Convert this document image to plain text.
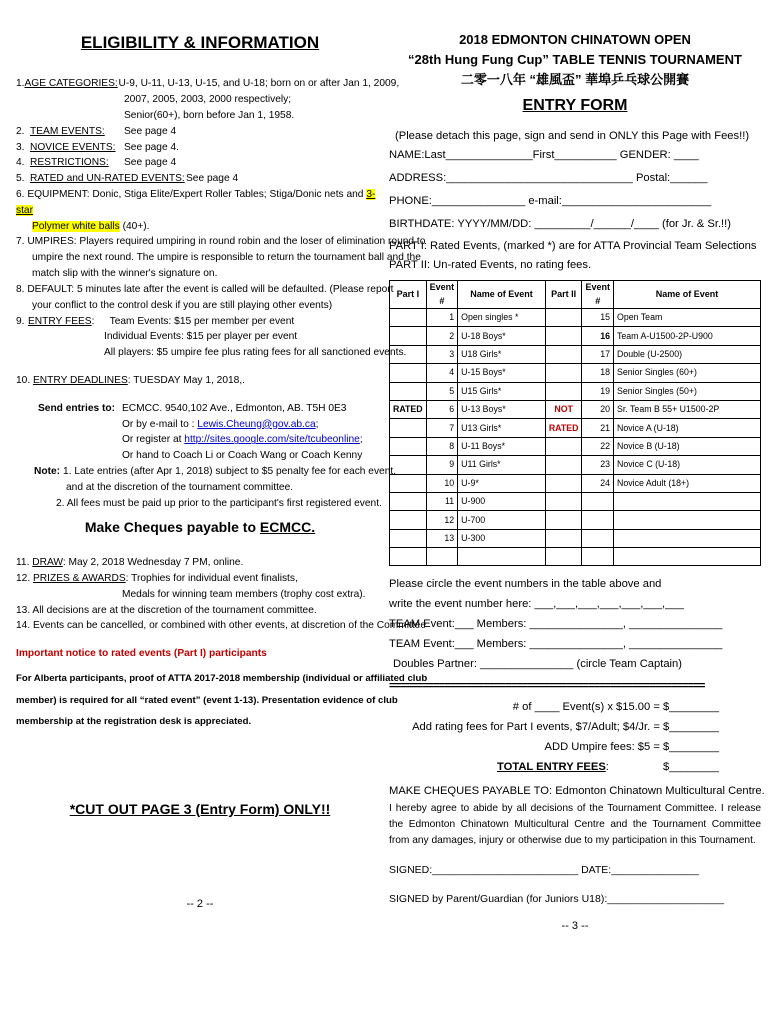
ELIGIBILITY & INFORMATION
1. AGE CATEGORIES: U-9, U-11, U-13, U-15, and U-18; born on or after Jan 1, 2009,
2007, 2005, 2003, 2000 respectively;
Senior(60+), born before Jan 1, 1958.
2. TEAM EVENTS:	See page 4
3. NOVICE EVENTS: See page 4.
4. RESTRICTIONS:	See page 4
5. RATED and UN-RATED EVENTS: See page 4
6. EQUIPMENT: Donic, Stiga Elite/Expert Roller Tables; Stiga/Donic nets and 3-star
Polymer white balls (40+).
7. UMPIRES: Players required umpiring in round robin and the loser of elimination round to
umpire the next round. The umpire is responsible to return the tournament ball and the
match slip with the winner's signature on.
8. DEFAULT: 5 minutes late after the event is called will be defaulted. (Please report
your conflict to the control desk if you are still playing other events)
9. ENTRY FEES :	Team Events: $15 per member per event
Individual Events: $15 per player per event
All players: $5 umpire fee plus rating fees for all sanctioned events.
10. ENTRY DEADLINES: TUESDAY May 1, 2018,.
Send entries to: ECMCC. 9540,102 Ave., Edmonton, AB. T5H 0E3
Or by e-mail to : Lewis.Cheung@gov.ab.ca;
Or register at http://sites.google.com/site/tcubeonline;
Or hand to Coach Li or Coach Wang or Coach Kenny
Note: 1. Late entries (after Apr 1, 2018) subject to $5 penalty fee for each event,
and at the discretion of the tournament committee.
2. All fees must be paid up prior to the participant's first registered event.
Make Cheques payable to ECMCC.
11. DRAW: May 2, 2018 Wednesday 7 PM, online.
12. PRIZES & AWARDS: Trophies for individual event finalists,
Medals for winning team members (trophy cost extra).
13. All decisions are at the discretion of the tournament committee.
14. Events can be cancelled, or combined with other events, at discretion of the Committee
Important notice to rated events (Part I) participants
For Alberta participants, proof of ATTA 2017-2018 membership (individual or affiliated club
member) is required for all “rated event” (event 1-13). Presentation evidence of club
membership at the registration desk is appreciated.
*CUT OUT PAGE 3 (Entry Form) ONLY!!
-- 2 --
2018 EDMONTON CHINATOWN OPEN
“28th Hung Fung Cup” TABLE TENNIS TOURNAMENT
二零一八年 “雄風盃” 華埠乒乓球公開賽
ENTRY FORM
(Please detach this page, sign and send in ONLY this Page with Fees!!)
NAME:Last______________First__________ GENDER: ____
ADDRESS:______________________________ Postal:______
PHONE:_______________ e-mail:________________________
BIRTHDATE: YYYY/MM/DD: _________/______/____ (for Jr. & Sr.!!)
PART I: Rated Events, (marked *) are for ATTA Provincial Team Selections
PART II: Un-rated Events, no rating fees.
Part I	Event #	Name of Event	Part II	Event #	Name of Event
	1	Open singles *		15	Open Team
	2	U-18 Boys*		16	Team A-U1500-2P-U900
	3	U18 Girls*		17	Double (U-2500)
	4	U-15 Boys*		18	Senior Singles (60+)
	5	U15 Girls*		19	Senior Singles (50+)
RATED	6	U-13 Boys*	NOT	20	Sr. Team B 55+ U1500-2P
	7	U13 Girls*	RATED	21	Novice A (U-18)
	8	U-11 Boys*		22	Novice B (U-18)
	9	U11 Girls*		23	Novice C (U-18)
	10	U-9*		24	Novice Adult (18+)
	11	U-900			
	12	U-700			
	13	U-300			

Please circle the event numbers in the table above and
write the event number here: ___,___,___,___,___,___,___
TEAM Event:___ Members: _______________, _______________
TEAM Event:___ Members: _______________, _______________
Doubles Partner: _______________ (circle Team Captain)
=========================================================
# of ____ Event(s) x $15.00 = $________
Add rating fees for Part I events, $7/Adult; $4/Jr. = $________
ADD Umpire fees: $5 = $________
TOTAL ENTRY FEES :	$________
MAKE CHEQUES PAYABLE TO: Edmonton Chinatown Multicultural Centre.
I hereby agree to abide by all decisions of the Tournament Committee. I release the Edmonton Chinatown Multicultural Centre and the Tournament Committee from any damages, injury or otherwise due to my participation in this Tournament.
SIGNED:_________________________ DATE:_______________
SIGNED by Parent/Guardian (for Juniors U18):____________________
-- 3 --
